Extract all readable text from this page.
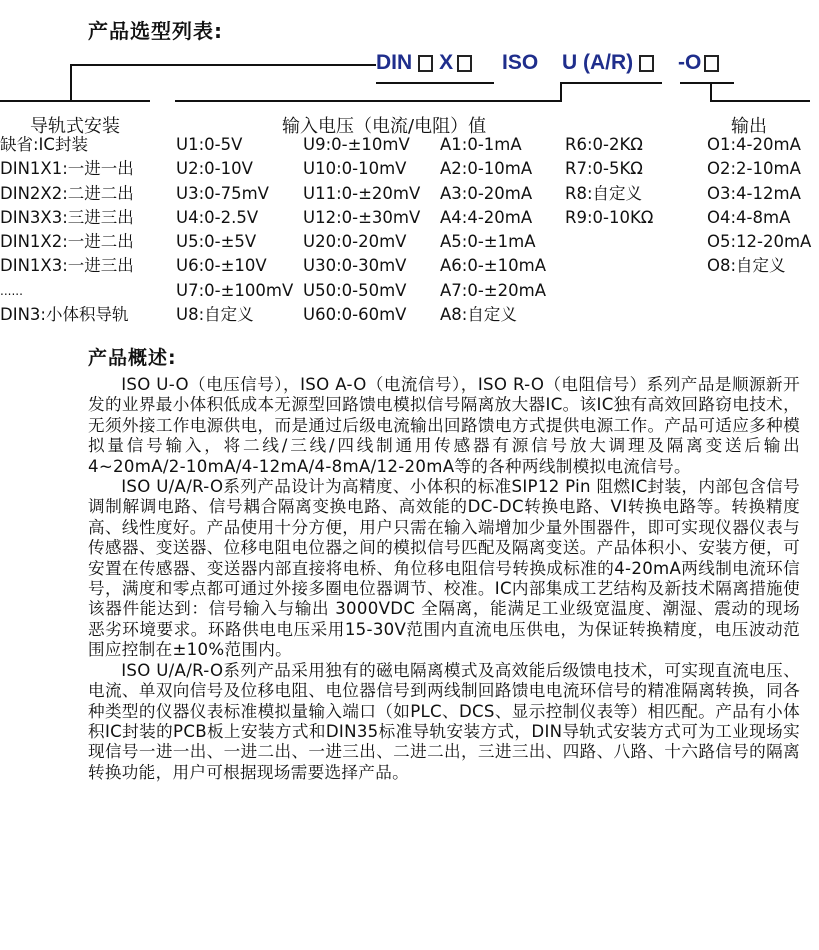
产品选型列表:
DIN X ISO U (A/R) -O
导轨式安装	输入电压（电流/电阻）值	输出
缺省:IC封装
DIN1X1:一进一出
DIN2X2:二进二出
DIN3X3:三进三出
DIN1X2:一进二出
DIN1X3:一进三出
......
DIN3:小体积导轨
U1:0-5V
U2:0-10V
U3:0-75mV
U4:0-2.5V
U5:0-±5V
U6:0-±10V
U7:0-±100mV
U8:自定义
U9:0-±10mV
U10:0-10mV
U11:0-±20mV
U12:0-±30mV
U20:0-20mV
U30:0-30mV
U50:0-50mV
U60:0-60mV
A1:0-1mA
A2:0-10mA
A3:0-20mA
A4:4-20mA
A5:0-±1mA
A6:0-±10mA
A7:0-±20mA
A8:自定义
R6:0-2KΩ
R7:0-5KΩ
R8:自定义
R9:0-10KΩ
O1:4-20mA
O2:2-10mA
O3:4-12mA
O4:4-8mA
O5:12-20mA
O8:自定义
产品概述:

ISO U-O（电压信号），ISO A-O（电流信号），ISO R-O（电阻信号）系列产品是顺源新开发的业界最小体积低成本无源型回路馈电模拟信号隔离放大器IC。该IC独有高效回路窃电技术，无须外接工作电源供电，而是通过后级电流输出回路馈电方式提供电源工作。产品可适应多种模拟量信号输入，将二线/三线/四线制通用传感器有源信号放大调理及隔离变送后输出4~20mA/2-10mA/4-12mA/4-8mA/12-20mA等的各种两线制模拟电流信号。

ISO U/A/R-O系列产品设计为高精度、小体积的标准SIP12 Pin 阻燃IC封装，内部包含信号调制解调电路、信号耦合隔离变换电路、高效能的DC-DC转换电路、VI转换电路等。转换精度高、线性度好。产品使用十分方便，用户只需在输入端增加少量外围器件，即可实现仪器仪表与传感器、变送器、位移电阻电位器之间的模拟信号匹配及隔离变送。产品体积小、安装方便，可安置在传感器、变送器内部直接将电桥、角位移电阻信号转换成标准的4-20mA两线制电流环信号，满度和零点都可通过外接多圈电位器调节、校准。IC内部集成工艺结构及新技术隔离措施使该器件能达到：信号输入与输出 3000VDC 全隔离，能满足工业级宽温度、潮湿、震动的现场恶劣环境要求。环路供电电压采用15-30V范围内直流电压供电，为保证转换精度，电压波动范围应控制在±10%范围内。

ISO U/A/R-O系列产品采用独有的磁电隔离模式及高效能后级馈电技术，可实现直流电压、电流、单双向信号及位移电阻、电位器信号到两线制回路馈电电流环信号的精准隔离转换，同各种类型的仪器仪表标准模拟量输入端口（如PLC、DCS、显示控制仪表等）相匹配。产品有小体积IC封装的PCB板上安装方式和DIN35标准导轨安装方式，DIN导轨式安装方式可为工业现场实现信号一进一出、一进二出、一进三出、二进二出，三进三出、四路、八路、十六路信号的隔离转换功能，用户可根据现场需要选择产品。
